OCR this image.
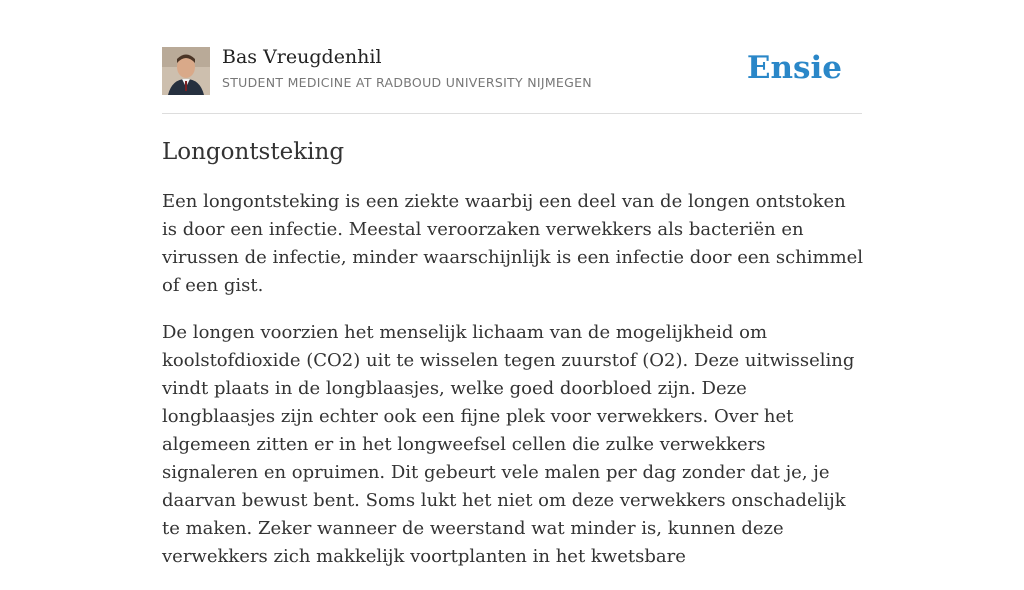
Bas Vreugdenhil
STUDENT MEDICINE AT RADBOUD UNIVERSITY NIJMEGEN	Ensie
Longontsteking

Een longontsteking is een ziekte waarbij een deel van de longen ontstoken is door een infectie. Meestal veroorzaken verwekkers als bacteriën en virussen de infectie, minder waarschijnlijk is een infectie door een schimmel of een gist.

De longen voorzien het menselijk lichaam van de mogelijkheid om koolstofdioxide (CO2) uit te wisselen tegen zuurstof (O2). Deze uitwisseling vindt plaats in de longblaasjes, welke goed doorbloed zijn. Deze longblaasjes zijn echter ook een fijne plek voor verwekkers. Over het algemeen zitten er in het longweefsel cellen die zulke verwekkers signaleren en opruimen. Dit gebeurt vele malen per dag zonder dat je, je daarvan bewust bent. Soms lukt het niet om deze verwekkers onschadelijk te maken. Zeker wanneer de weerstand wat minder is, kunnen deze verwekkers zich makkelijk voortplanten in het kwetsbare
